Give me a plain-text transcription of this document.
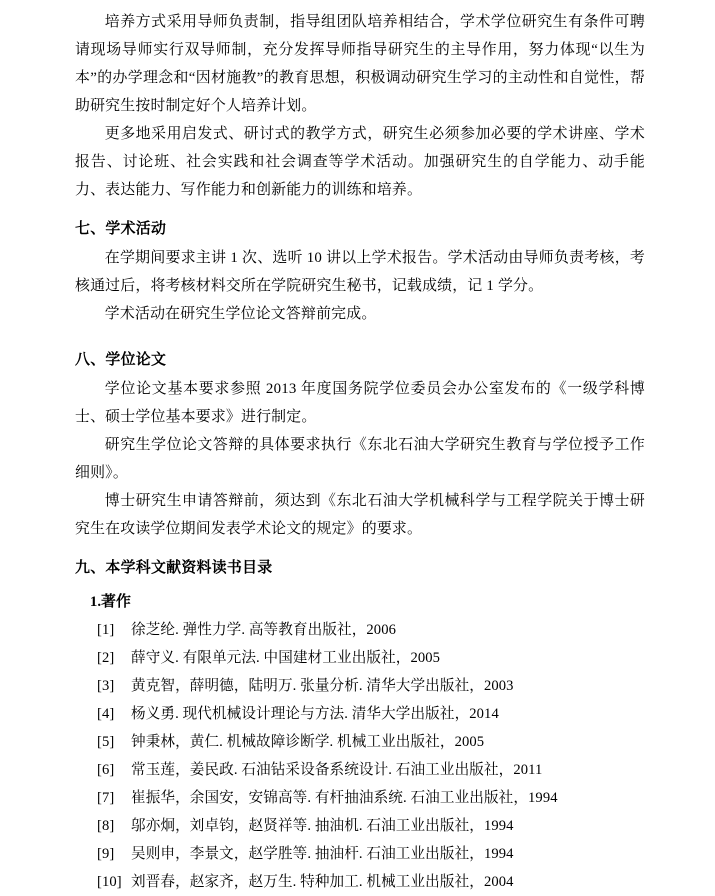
培养方式采用导师负责制，指导组团队培养相结合，学术学位研究生有条件可聘请现场导师实行双导师制，充分发挥导师指导研究生的主导作用，努力体现“以生为本”的办学理念和“因材施教”的教育思想，积极调动研究生学习的主动性和自觉性，帮助研究生按时制定好个人培养计划。

更多地采用启发式、研讨式的教学方式，研究生必须参加必要的学术讲座、学术报告、讨论班、社会实践和社会调查等学术活动。加强研究生的自学能力、动手能力、表达能力、写作能力和创新能力的训练和培养。

七、学术活动

在学期间要求主讲 1 次、选听 10 讲以上学术报告。学术活动由导师负责考核，考核通过后，将考核材料交所在学院研究生秘书，记载成绩，记 1 学分。

学术活动在研究生学位论文答辩前完成。

八、学位论文

学位论文基本要求参照 2013 年度国务院学位委员会办公室发布的《一级学科博士、硕士学位基本要求》进行制定。

研究生学位论文答辩的具体要求执行《东北石油大学研究生教育与学位授予工作细则》。

博士研究生申请答辩前，须达到《东北石油大学机械科学与工程学院关于博士研究生在攻读学位期间发表学术论文的规定》的要求。

九、本学科文献资料读书目录

1.著作

[1] 徐芝纶. 弹性力学. 高等教育出版社，2006

[2] 薛守义. 有限单元法. 中国建材工业出版社，2005

[3] 黄克智，薛明德，陆明万. 张量分析. 清华大学出版社，2003

[4] 杨义勇. 现代机械设计理论与方法. 清华大学出版社，2014

[5] 钟秉林，黄仁. 机械故障诊断学. 机械工业出版社，2005

[6] 常玉莲，姜民政. 石油钻采设备系统设计. 石油工业出版社，2011

[7] 崔振华，余国安，安锦高等. 有杆抽油系统. 石油工业出版社，1994

[8] 邬亦炯，刘卓钧，赵贤祥等. 抽油机. 石油工业出版社，1994

[9] 吴则申，李景文，赵学胜等. 抽油杆. 石油工业出版社，1994

[10] 刘晋春，赵家齐，赵万生. 特种加工. 机械工业出版社，2004
